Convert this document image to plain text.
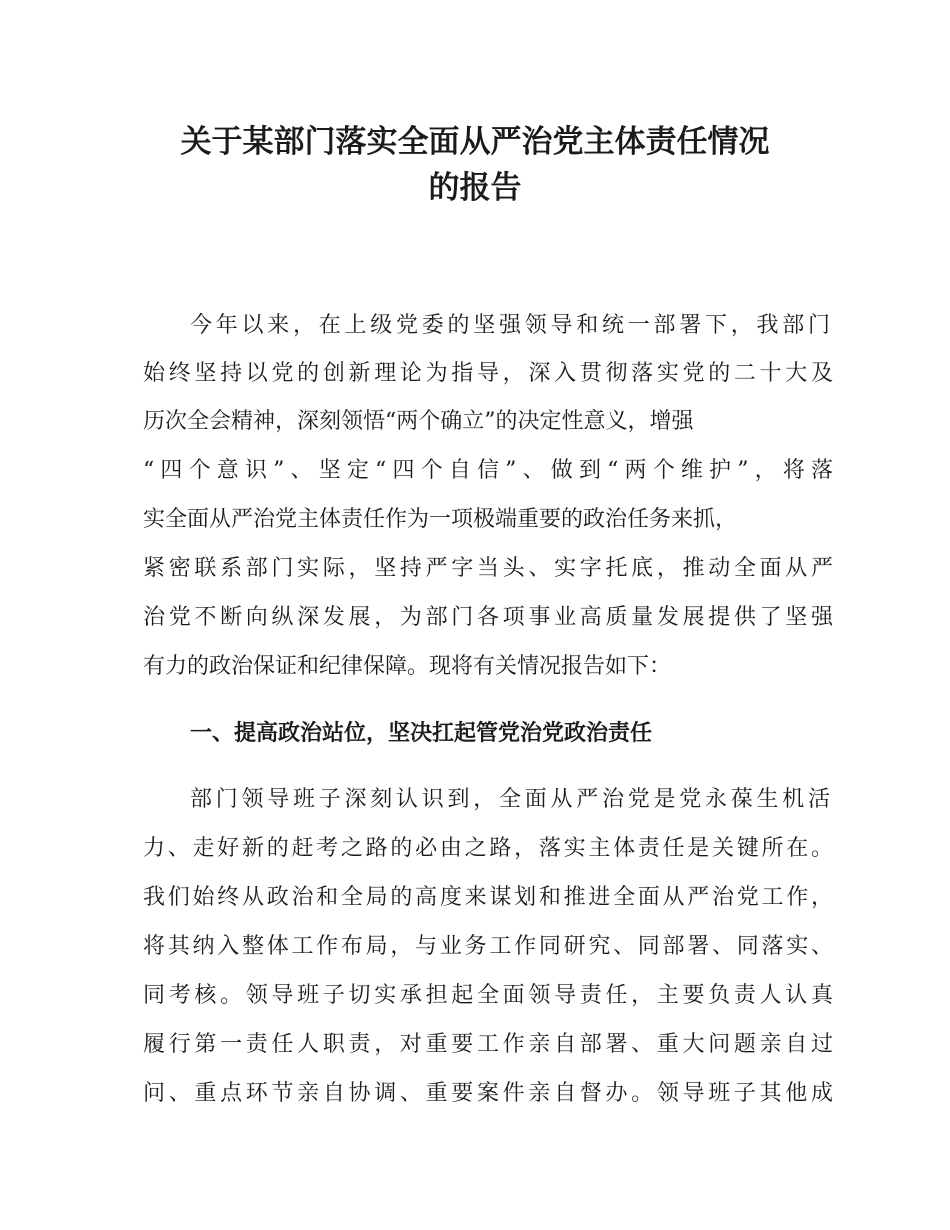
关于某部门落实全面从严治党主体责任情况
的报告

今年以来，在上级党委的坚强领导和统一部署下，我部门

始终坚持以党的创新理论为指导，深入贯彻落实党的二十大及

历次全会精神，深刻领悟“两个确立”的决定性意义，增强

“四个意识”、坚定“四个自信”、做到“两个维护”，将落

实全面从严治党主体责任作为一项极端重要的政治任务来抓，

紧密联系部门实际，坚持严字当头、实字托底，推动全面从严

治党不断向纵深发展，为部门各项事业高质量发展提供了坚强

有力的政治保证和纪律保障。现将有关情况报告如下：

一、提高政治站位，坚决扛起管党治党政治责任

部门领导班子深刻认识到，全面从严治党是党永葆生机活

力、走好新的赶考之路的必由之路，落实主体责任是关键所在。

我们始终从政治和全局的高度来谋划和推进全面从严治党工作，

将其纳入整体工作布局，与业务工作同研究、同部署、同落实、

同考核。领导班子切实承担起全面领导责任，主要负责人认真

履行第一责任人职责，对重要工作亲自部署、重大问题亲自过

问、重点环节亲自协调、重要案件亲自督办。领导班子其他成
